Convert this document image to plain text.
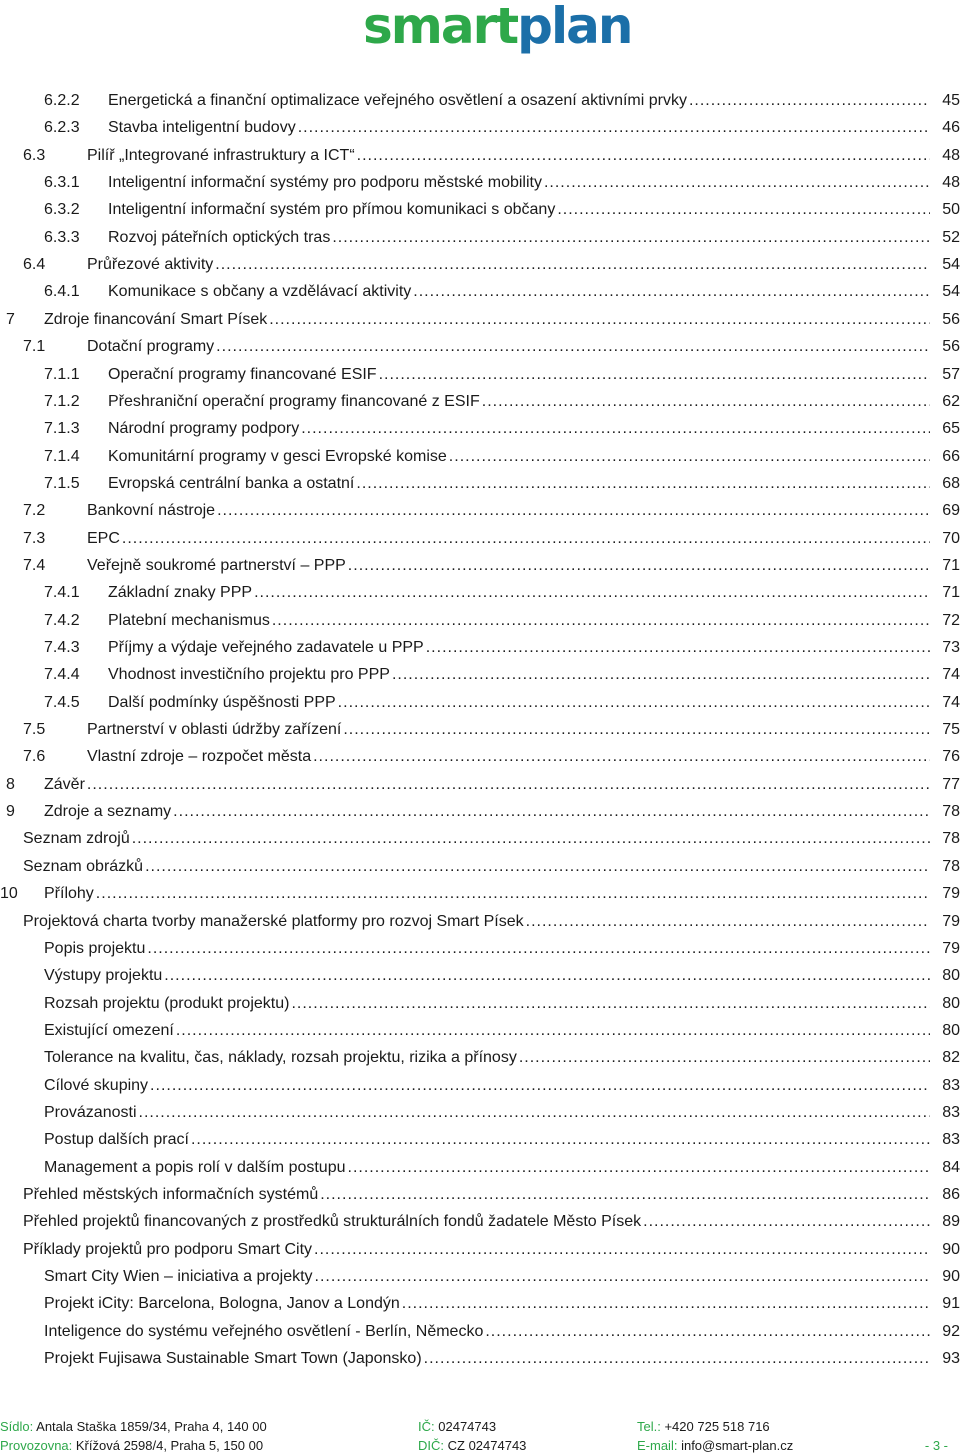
smartplan
6.2.2 Energetická a finanční optimalizace veřejného osvětlení a osazení aktivními prvky .....	45
6.2.3 Stavba inteligentní budovy .....	46
6.3	Pilíř „Integrované infrastruktury a ICT“ .....	48
6.3.1 Inteligentní informační systémy pro podporu městské mobility .....	48
6.3.2 Inteligentní informační systém pro přímou komunikaci s občany .....	50
6.3.3 Rozvoj páteřních optických tras .....	52
6.4	Průřezové aktivity .....	54
6.4.1 Komunikace s občany a vzdělávací aktivity .....	54
7 Zdroje financování Smart Písek .....	56
7.1	Dotační programy .....	56
7.1.1 Operační programy financované ESIF .....	57
7.1.2 Přeshraniční operační programy financované z ESIF .....	62
7.1.3 Národní programy podpory .....	65
7.1.4 Komunitární programy v gesci Evropské komise .....	66
7.1.5 Evropská centrální banka a ostatní .....	68
7.2	Bankovní nástroje .....	69
7.3	EPC .....	70
7.4	Veřejně soukromé partnerství – PPP .....	71
7.4.1 Základní znaky PPP .....	71
7.4.2 Platební mechanismus .....	72
7.4.3 Příjmy a výdaje veřejného zadavatele u PPP .....	73
7.4.4 Vhodnost investičního projektu pro PPP .....	74
7.4.5 Další podmínky úspěšnosti PPP .....	74
7.5	Partnerství v oblasti údržby zařízení .....	75
7.6	Vlastní zdroje – rozpočet města .....	76
8 Závěr .....	77
9 Zdroje a seznamy .....	78
Seznam zdrojů .....	78
Seznam obrázků .....	78
10 Přílohy .....	79
Projektová charta tvorby manažerské platformy pro rozvoj Smart Písek .....	79
Popis projektu .....	79
Výstupy projektu .....	80
Rozsah projektu (produkt projektu) .....	80
Existující omezení .....	80
Tolerance na kvalitu, čas, náklady, rozsah projektu, rizika a přínosy .....	82
Cílové skupiny .....	83
Provázanosti .....	83
Postup dalších prací .....	83
Management a popis rolí v dalším postupu .....	84
Přehled městských informačních systémů .....	86
Přehled projektů financovaných z prostředků strukturálních fondů žadatele Město Písek .....	89
Příklady projektů pro podporu Smart City .....	90
Smart City Wien – iniciativa a projekty .....	90
Projekt iCity: Barcelona, Bologna, Janov a Londýn .....	91
Inteligence do systému veřejného osvětlení - Berlín, Německo .....	92
Projekt Fujisawa Sustainable Smart Town (Japonsko) .....	93
Sídlo: Antala Staška 1859/34, Praha 4, 140 00
Provozovna: Křížová 2598/4, Praha 5, 150 00
IČ: 02474743
DIČ: CZ 02474743
Tel.: +420 725 518 716
E-mail: info@smart-plan.cz	- 3 -
